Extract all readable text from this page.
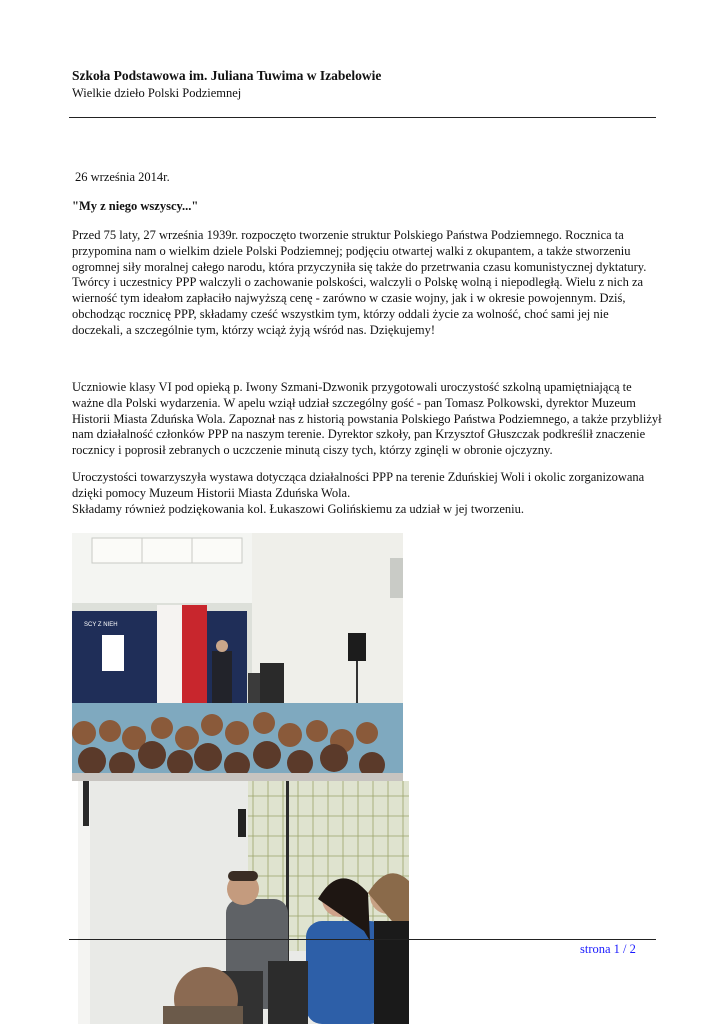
Szkoła Podstawowa im. Juliana Tuwima w Izabelowie
Wielkie dzieło Polski Podziemnej
26 września 2014r.
"My z niego wszyscy..."

Przed 75 laty, 27 września 1939r. rozpoczęto tworzenie struktur Polskiego Państwa Podziemnego. Rocznica ta przypomina nam o wielkim dziele Polski Podziemnej; podjęciu otwartej walki z okupantem, a także stworzeniu ogromnej siły moralnej całego narodu, która przyczyniła się także do przetrwania czasu komunistycznej dyktatury. Twórcy i uczestnicy PPP walczyli o zachowanie polskości, walczyli o Polskę wolną i niepodległą. Wielu z nich za wierność tym ideałom zapłaciło najwyższą cenę - zarówno w czasie wojny, jak i w okresie powojennym. Dziś, obchodząc rocznicę PPP, składamy cześć wszystkim tym, którzy oddali życie za wolność, choć sami jej nie doczekali, a szczególnie tym, którzy wciąż żyją wśród nas. Dziękujemy!

Uczniowie klasy VI pod opieką p. Iwony Szmani-Dzwonik przygotowali uroczystość szkolną upamiętniającą te ważne dla Polski wydarzenia. W apelu wziął udział szczególny gość - pan Tomasz Polkowski, dyrektor Muzeum Historii Miasta Zduńska Wola. Zapoznał nas z historią powstania Polskiego Państwa Podziemnego, a także przybliżył nam działalność członków PPP na naszym terenie. Dyrektor szkoły, pan Krzysztof Głuszczak podkreślił znaczenie rocznicy i poprosił zebranych o uczczenie minutą ciszy tych, którzy zginęli w obronie ojczyzny.

Uroczystości towarzyszyła wystawa dotycząca działalności PPP na terenie Zduńskiej Woli i okolic zorganizowana dzięki pomocy Muzeum Historii Miasta Zduńska Wola.
Składamy również podziękowania kol. Łukaszowi Golińskiemu za udział w jej tworzeniu.
SCY Z NIEH
strona 1 / 2
